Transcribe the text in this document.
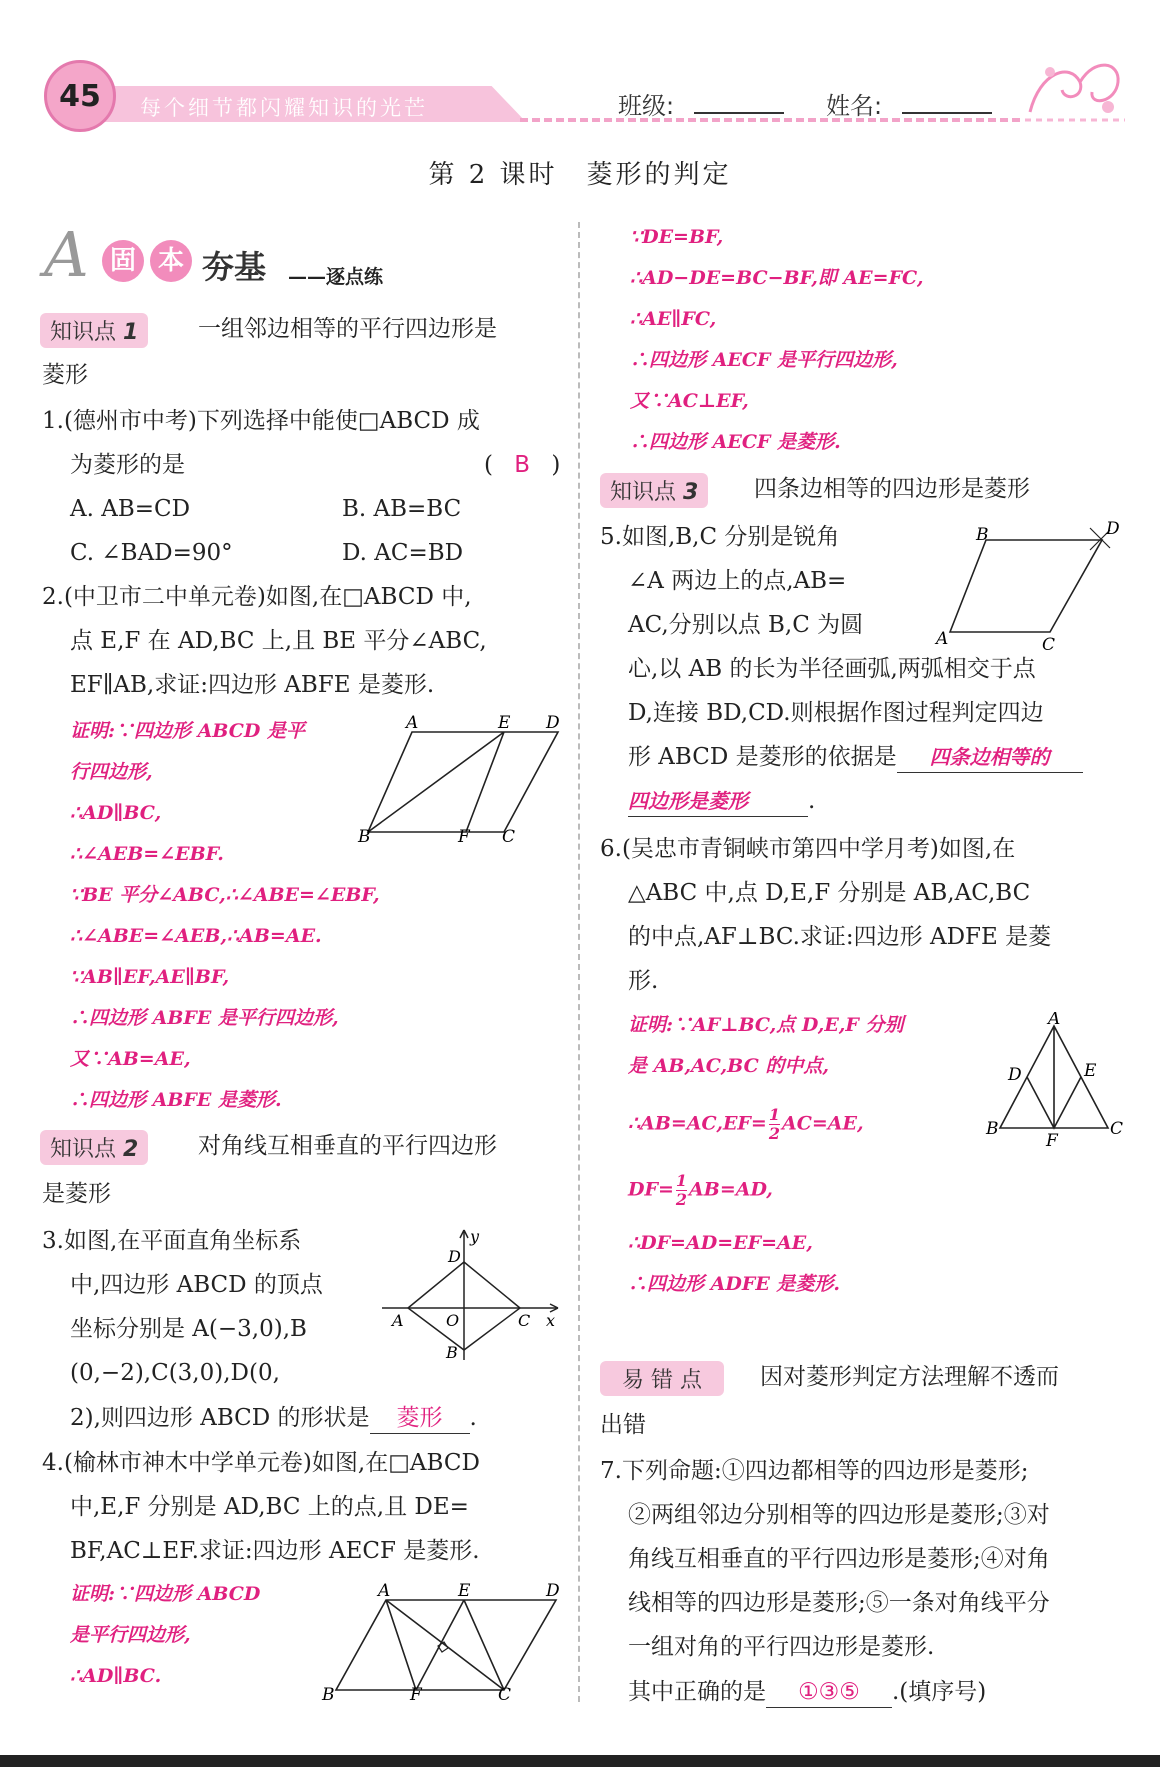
45	每个细节都闪耀知识的光芒	班级:	姓名:
第 2 课时　菱形的判定
A 固 本 夯基 ——逐点练
知识点 1	一组邻边相等的平行四边形是
菱形
1.(德州市中考)下列选择中能使□ABCD 成
为菱形的是	( B )
A. AB=CD	B. AB=BC
C. ∠BAD=90°	D. AC=BD
2.(中卫市二中单元卷)如图,在□ABCD 中,
点 E,F 在 AD,BC 上,且 BE 平分∠ABC,
EF∥AB,求证:四边形 ABFE 是菱形.
证明:∵四边形 ABCD 是平
行四边形,
∴AD∥BC,
∴∠AEB=∠EBF.
∵BE 平分∠ABC,∴∠ABE=∠EBF,
∴∠ABE=∠AEB,∴AB=AE.
∵AB∥EF,AE∥BF,
∴四边形 ABFE 是平行四边形,
又∵AB=AE,
∴四边形 ABFE 是菱形.
A	E D
B	F C
知识点 2	对角线互相垂直的平行四边形
是菱形
3.如图,在平面直角坐标系
中,四边形 ABCD 的顶点
坐标分别是 A(−3,0),B
(0,−2),C(3,0),D(0,
2),则四边形 ABCD 的形状是 菱形 .
y
x
O
A
B
C
D
4.(榆林市神木中学单元卷)如图,在□ABCD
中,E,F 分别是 AD,BC 上的点,且 DE=
BF,AC⊥EF.求证:四边形 AECF 是菱形.
证明:∵四边形 ABCD
是平行四边形,
∴AD∥BC.
A	E	D
B	F	C
∵DE=BF,
∴AD−DE=BC−BF,即 AE=FC,
∴AE∥FC,
∴四边形 AECF 是平行四边形,
又∵AC⊥EF,
∴四边形 AECF 是菱形.
知识点 3	四条边相等的四边形是菱形
5.如图,B,C 分别是锐角
∠A 两边上的点,AB=
AC,分别以点 B,C 为圆
心,以 AB 的长为半径画弧,两弧相交于点
D,连接 BD,CD.则根据作图过程判定四边
形 ABCD 是菱形的依据是 四条边相等的
四边形是菱形	.
A
B
C
D
6.(吴忠市青铜峡市第四中学月考)如图,在
△ABC 中,点 D,E,F 分别是 AB,AC,BC
的中点,AF⊥BC.求证:四边形 ADFE 是菱
形.
证明:∵AF⊥BC,点 D,E,F 分别
是 AB,AC,BC 的中点,
∴AB=AC,EF= $\frac{1}{2} AC=AE$,
$DF= \frac{1}{2} AB=AD$,
∴DF=AD=EF=AE,
∴四边形 ADFE 是菱形.
A
B	C
D	E
F
易 错 点	因对菱形判定方法理解不透而
出错
7.下列命题:①四边都相等的四边形是菱形;
②两组邻边分别相等的四边形是菱形;③对
角线互相垂直的平行四边形是菱形;④对角
线相等的四边形是菱形;⑤一条对角线平分
一组对角的平行四边形是菱形.
其中正确的是 ①③⑤ .(填序号)
